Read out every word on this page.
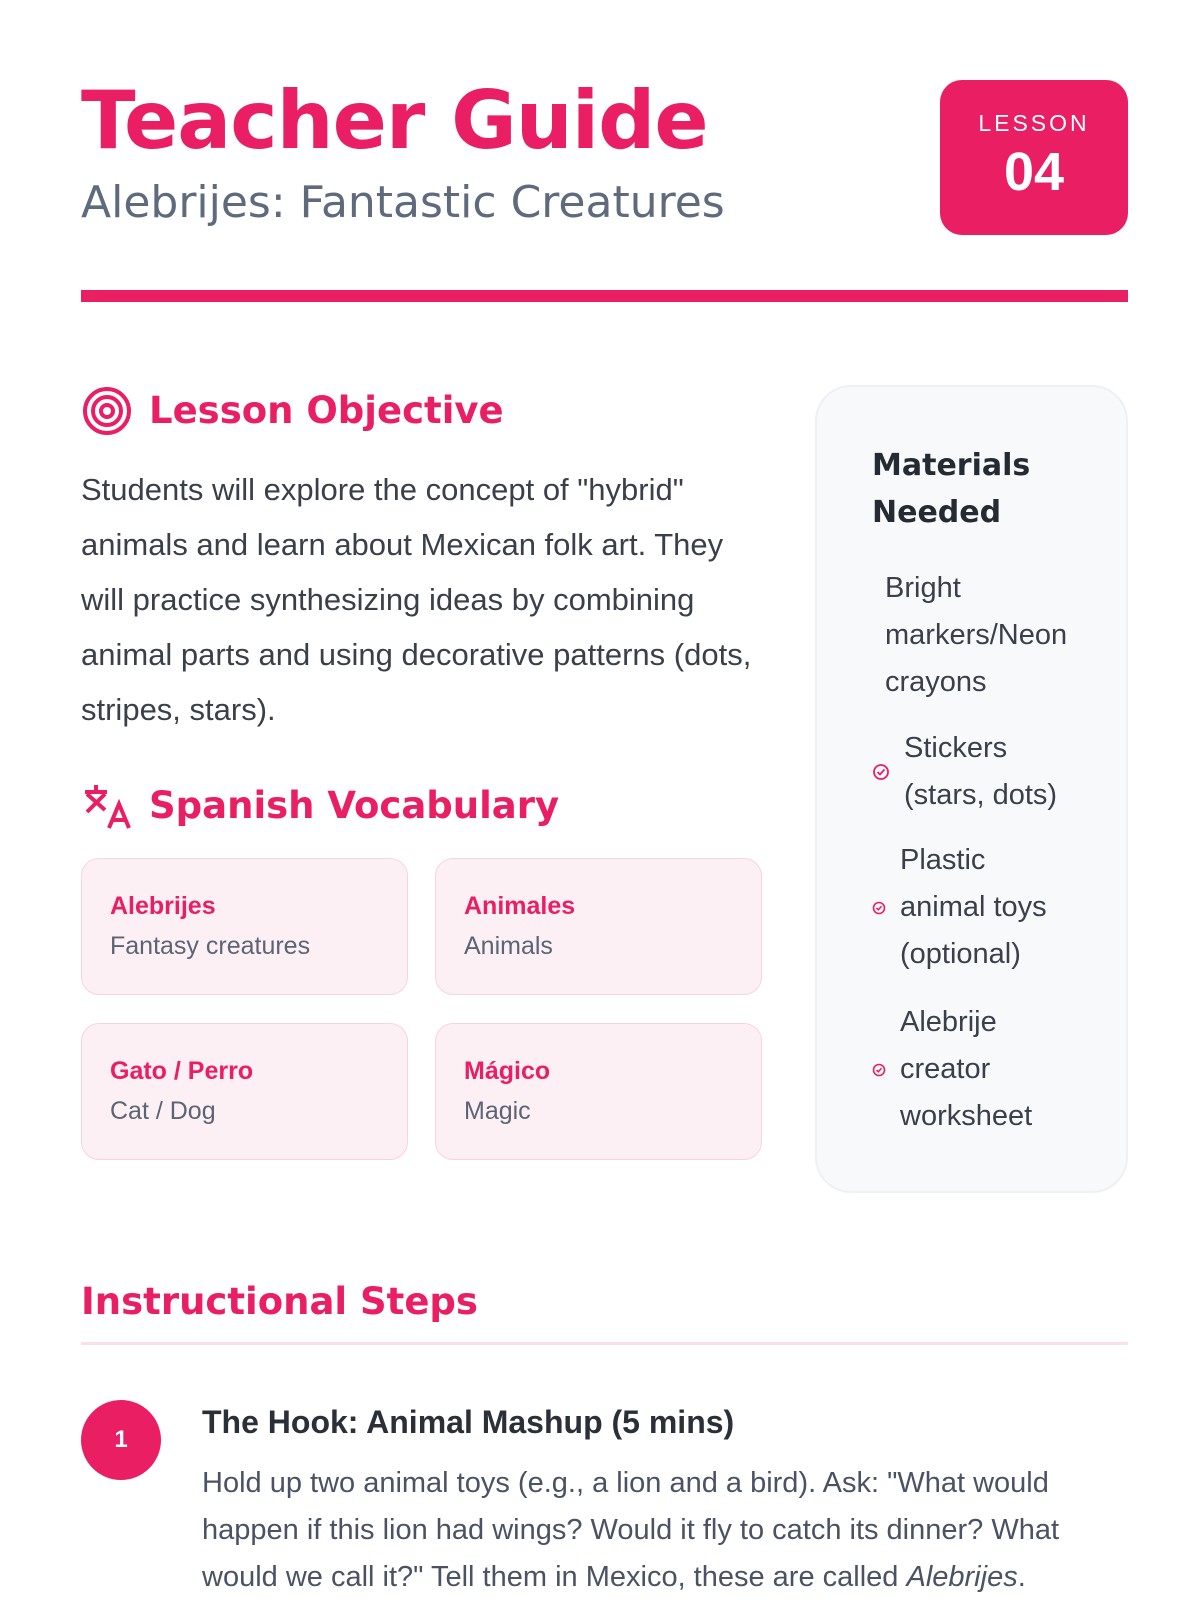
Teacher Guide
Alebrijes: Fantastic Creatures
LESSON
04
Lesson Objective
Students will explore the concept of "hybrid" animals and learn about Mexican folk art. They will practice synthesizing ideas by combining animal parts and using decorative patterns (dots, stripes, stars).
Spanish Vocabulary
Alebrijes
Fantasy creatures
Animales
Animals
Gato / Perro
Cat / Dog
Mágico
Magic
Materials Needed
Bright markers/Neon crayons
Stickers (stars, dots)
Plastic animal toys (optional)
Alebrije creator worksheet
Instructional Steps
1	The Hook: Animal Mashup (5 mins)
Hold up two animal toys (e.g., a lion and a bird). Ask: "What would happen if this lion had wings? Would it fly to catch its dinner? What would we call it?" Tell them in Mexico, these are called Alebrijes.
